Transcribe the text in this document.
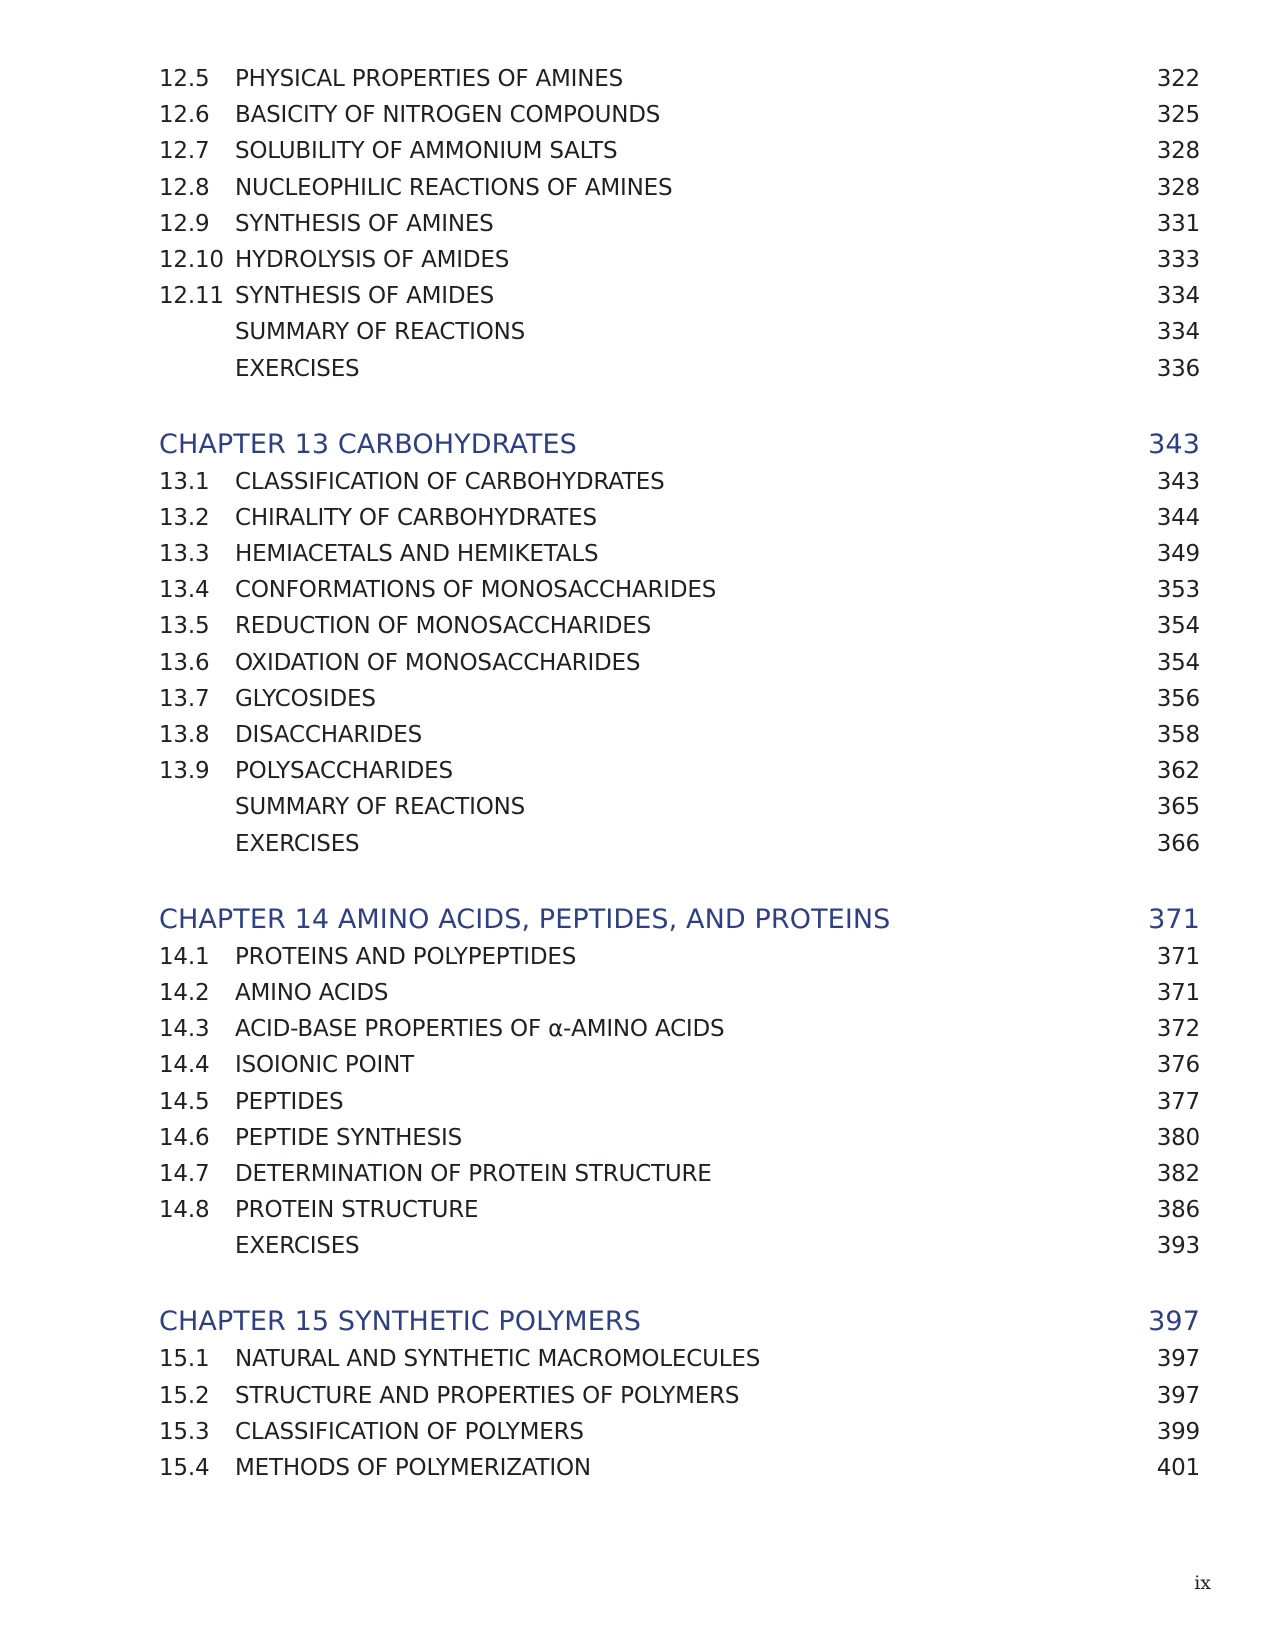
12.5	PHYSICAL PROPERTIES OF AMINES	322
12.6	BASICITY OF NITROGEN COMPOUNDS	325
12.7	SOLUBILITY OF AMMONIUM SALTS	328
12.8	NUCLEOPHILIC REACTIONS OF AMINES	328
12.9	SYNTHESIS OF AMINES	331
12.10 HYDROLYSIS OF AMIDES	333
12.11 SYNTHESIS OF AMIDES	334
SUMMARY OF REACTIONS	334
EXERCISES	336
CHAPTER 13 CARBOHYDRATES	343
13.1	CLASSIFICATION OF CARBOHYDRATES	343
13.2	CHIRALITY OF CARBOHYDRATES	344
13.3	HEMIACETALS AND HEMIKETALS	349
13.4	CONFORMATIONS OF MONOSACCHARIDES	353
13.5	REDUCTION OF MONOSACCHARIDES	354
13.6	OXIDATION OF MONOSACCHARIDES	354
13.7	GLYCOSIDES	356
13.8	DISACCHARIDES	358
13.9	POLYSACCHARIDES	362
SUMMARY OF REACTIONS	365
EXERCISES	366
CHAPTER 14 AMINO ACIDS, PEPTIDES, AND PROTEINS	371
14.1	PROTEINS AND POLYPEPTIDES	371
14.2	AMINO ACIDS	371
14.3	ACID-BASE PROPERTIES OF α-AMINO ACIDS	372
14.4	ISOIONIC POINT	376
14.5	PEPTIDES	377
14.6	PEPTIDE SYNTHESIS	380
14.7	DETERMINATION OF PROTEIN STRUCTURE	382
14.8	PROTEIN STRUCTURE	386
EXERCISES	393
CHAPTER 15 SYNTHETIC POLYMERS	397
15.1	NATURAL AND SYNTHETIC MACROMOLECULES	397
15.2	STRUCTURE AND PROPERTIES OF POLYMERS	397
15.3	CLASSIFICATION OF POLYMERS	399
15.4	METHODS OF POLYMERIZATION	401
ix
